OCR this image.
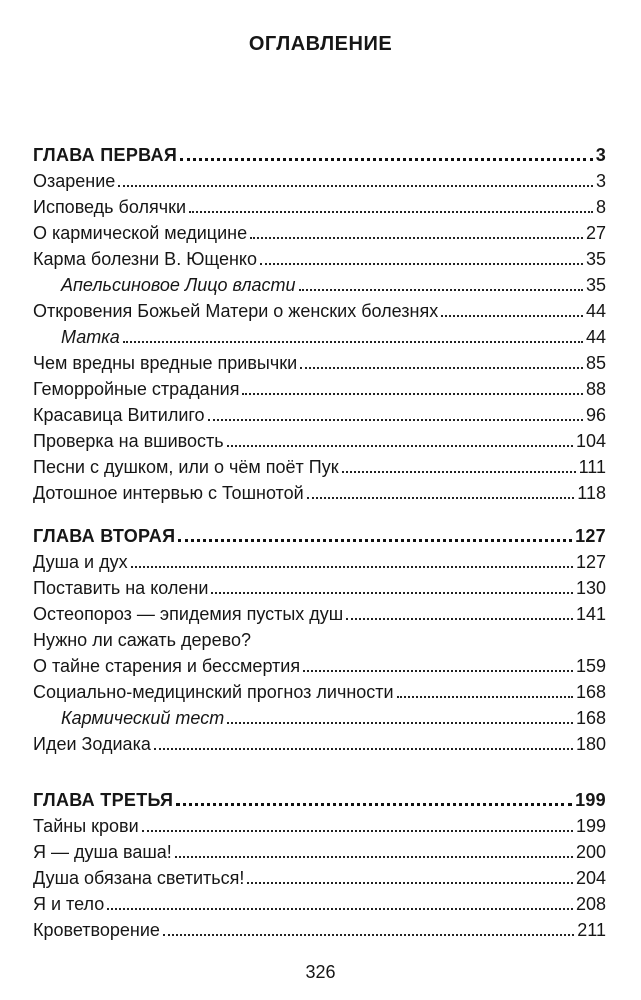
ОГЛАВЛЕНИЕ
ГЛАВА ПЕРВАЯ	3
Озарение	3
Исповедь болячки	8
О кармической медицине	27
Карма болезни В. Ющенко	35
Апельсиновое Лицо власти	35
Откровения Божьей Матери о женских болезнях	44
Матка	44
Чем вредны вредные привычки	85
Геморройные страдания	88
Красавица Витилиго	96
Проверка на вшивость	104
Песни с душком, или о чём поёт Пук	111
Дотошное интервью с Тошнотой	118
ГЛАВА ВТОРАЯ	127
Душа и дух	127
Поставить на колени	130
Остеопороз — эпидемия пустых душ	141
Нужно ли сажать дерево?
О тайне старения и бессмертия	159
Социально-медицинский прогноз личности	168
Кармический тест	168
Идеи Зодиака	180
ГЛАВА ТРЕТЬЯ	199
Тайны крови	199
Я — душа ваша!	200
Душа обязана светиться!	204
Я и тело	208
Кроветворение	211
326
